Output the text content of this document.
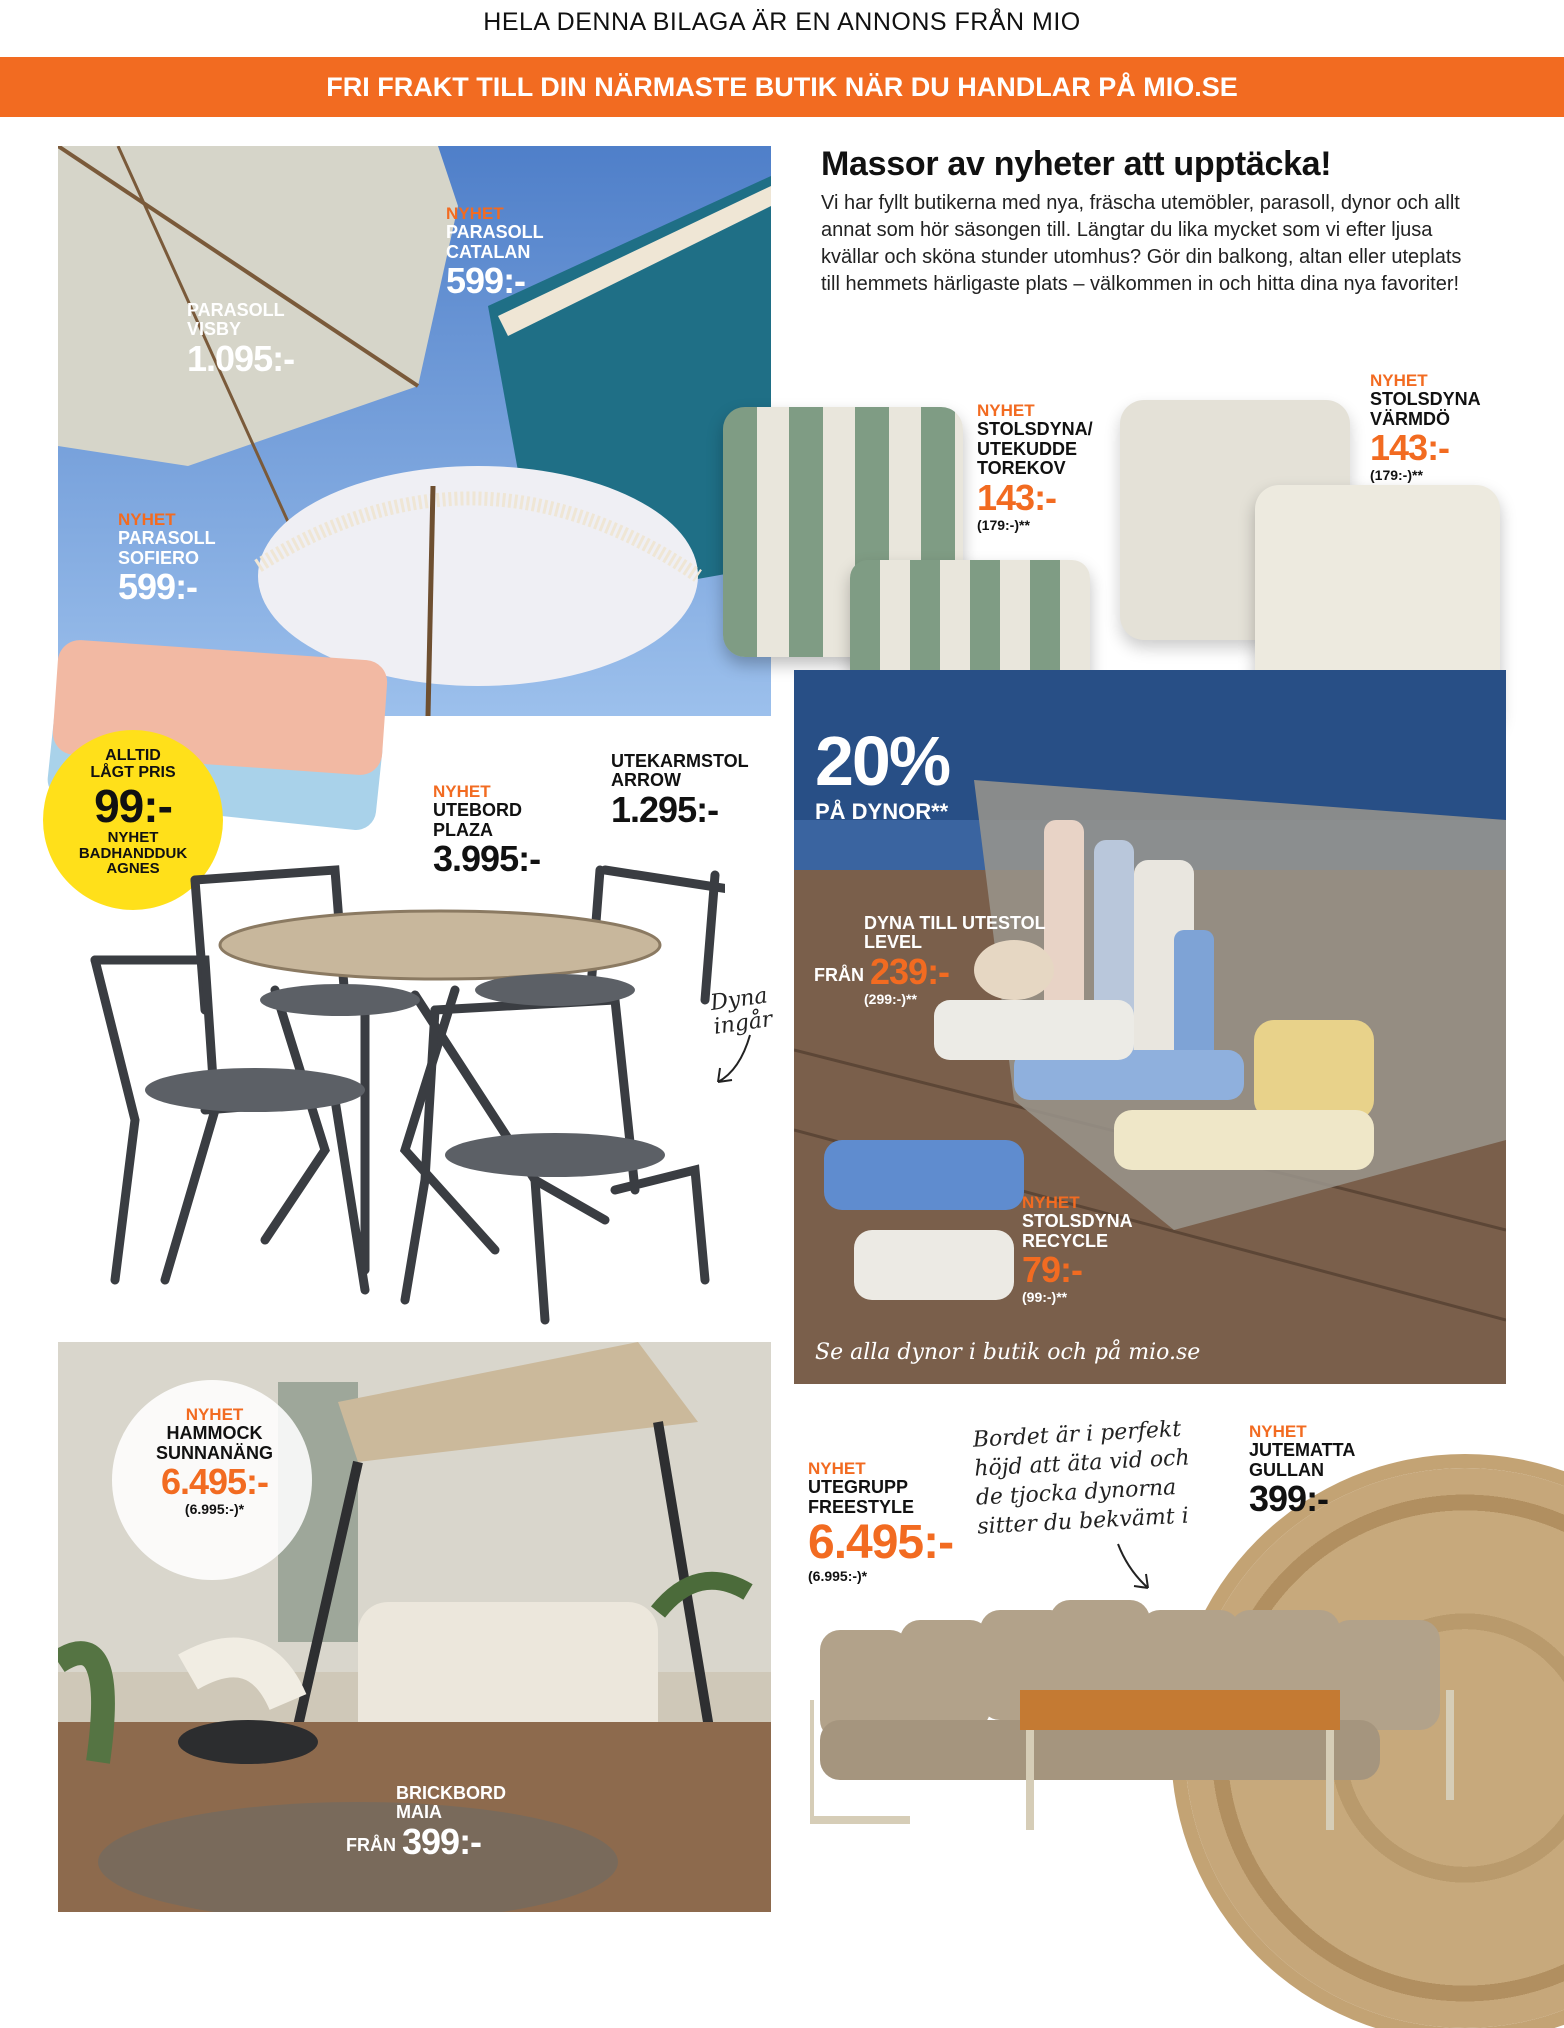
HELA DENNA BILAGA ÄR EN ANNONS FRÅN MIO
FRI FRAKT TILL DIN NÄRMASTE BUTIK NÄR DU HANDLAR PÅ MIO.SE
PARASOLL
VISBY
1.095:-
NYHET
PARASOLL
CATALAN
599:-
NYHET
PARASOLL
SOFIERO
599:-
ALLTID
LÅGT PRIS
99:-
NYHET
BADHANDDUK
AGNES
NYHET
UTEBORD
PLAZA
3.995:-
UTEKARMSTOL
ARROW
1.295:-
Dyna
ingår
Massor av nyheter att upptäcka!
Vi har fyllt butikerna med nya, fräscha utemöbler, parasoll, dynor och allt annat som hör säsongen till. Längtar du lika mycket som vi efter ljusa kvällar och sköna stunder utomhus? Gör din balkong, altan eller uteplats till hemmets härligaste plats – välkommen in och hitta dina nya favoriter!
NYHET
STOLSDYNA/
UTEKUDDE
TOREKOV
143:-
(179:-)**
NYHET
STOLSDYNA
VÄRMDÖ
143:-
(179:-)**
20%
PÅ DYNOR**
DYNA TILL UTESTOL
LEVEL
FRÅN 239:-
(299:-)**
NYHET
STOLSDYNA
RECYCLE
79:-
(99:-)**
Se alla dynor i butik och på mio.se
NYHET
HAMMOCK
SUNNANÄNG
6.495:-
(6.995:-)*
BRICKBORD
MAIA
FRÅN 399:-
NYHET
UTEGRUPP
FREESTYLE
6.495:-
(6.995:-)*
NYHET
JUTEMATTA
GULLAN
399:-
Bordet är i perfekt
höjd att äta vid och
de tjocka dynorna
sitter du bekvämt i
